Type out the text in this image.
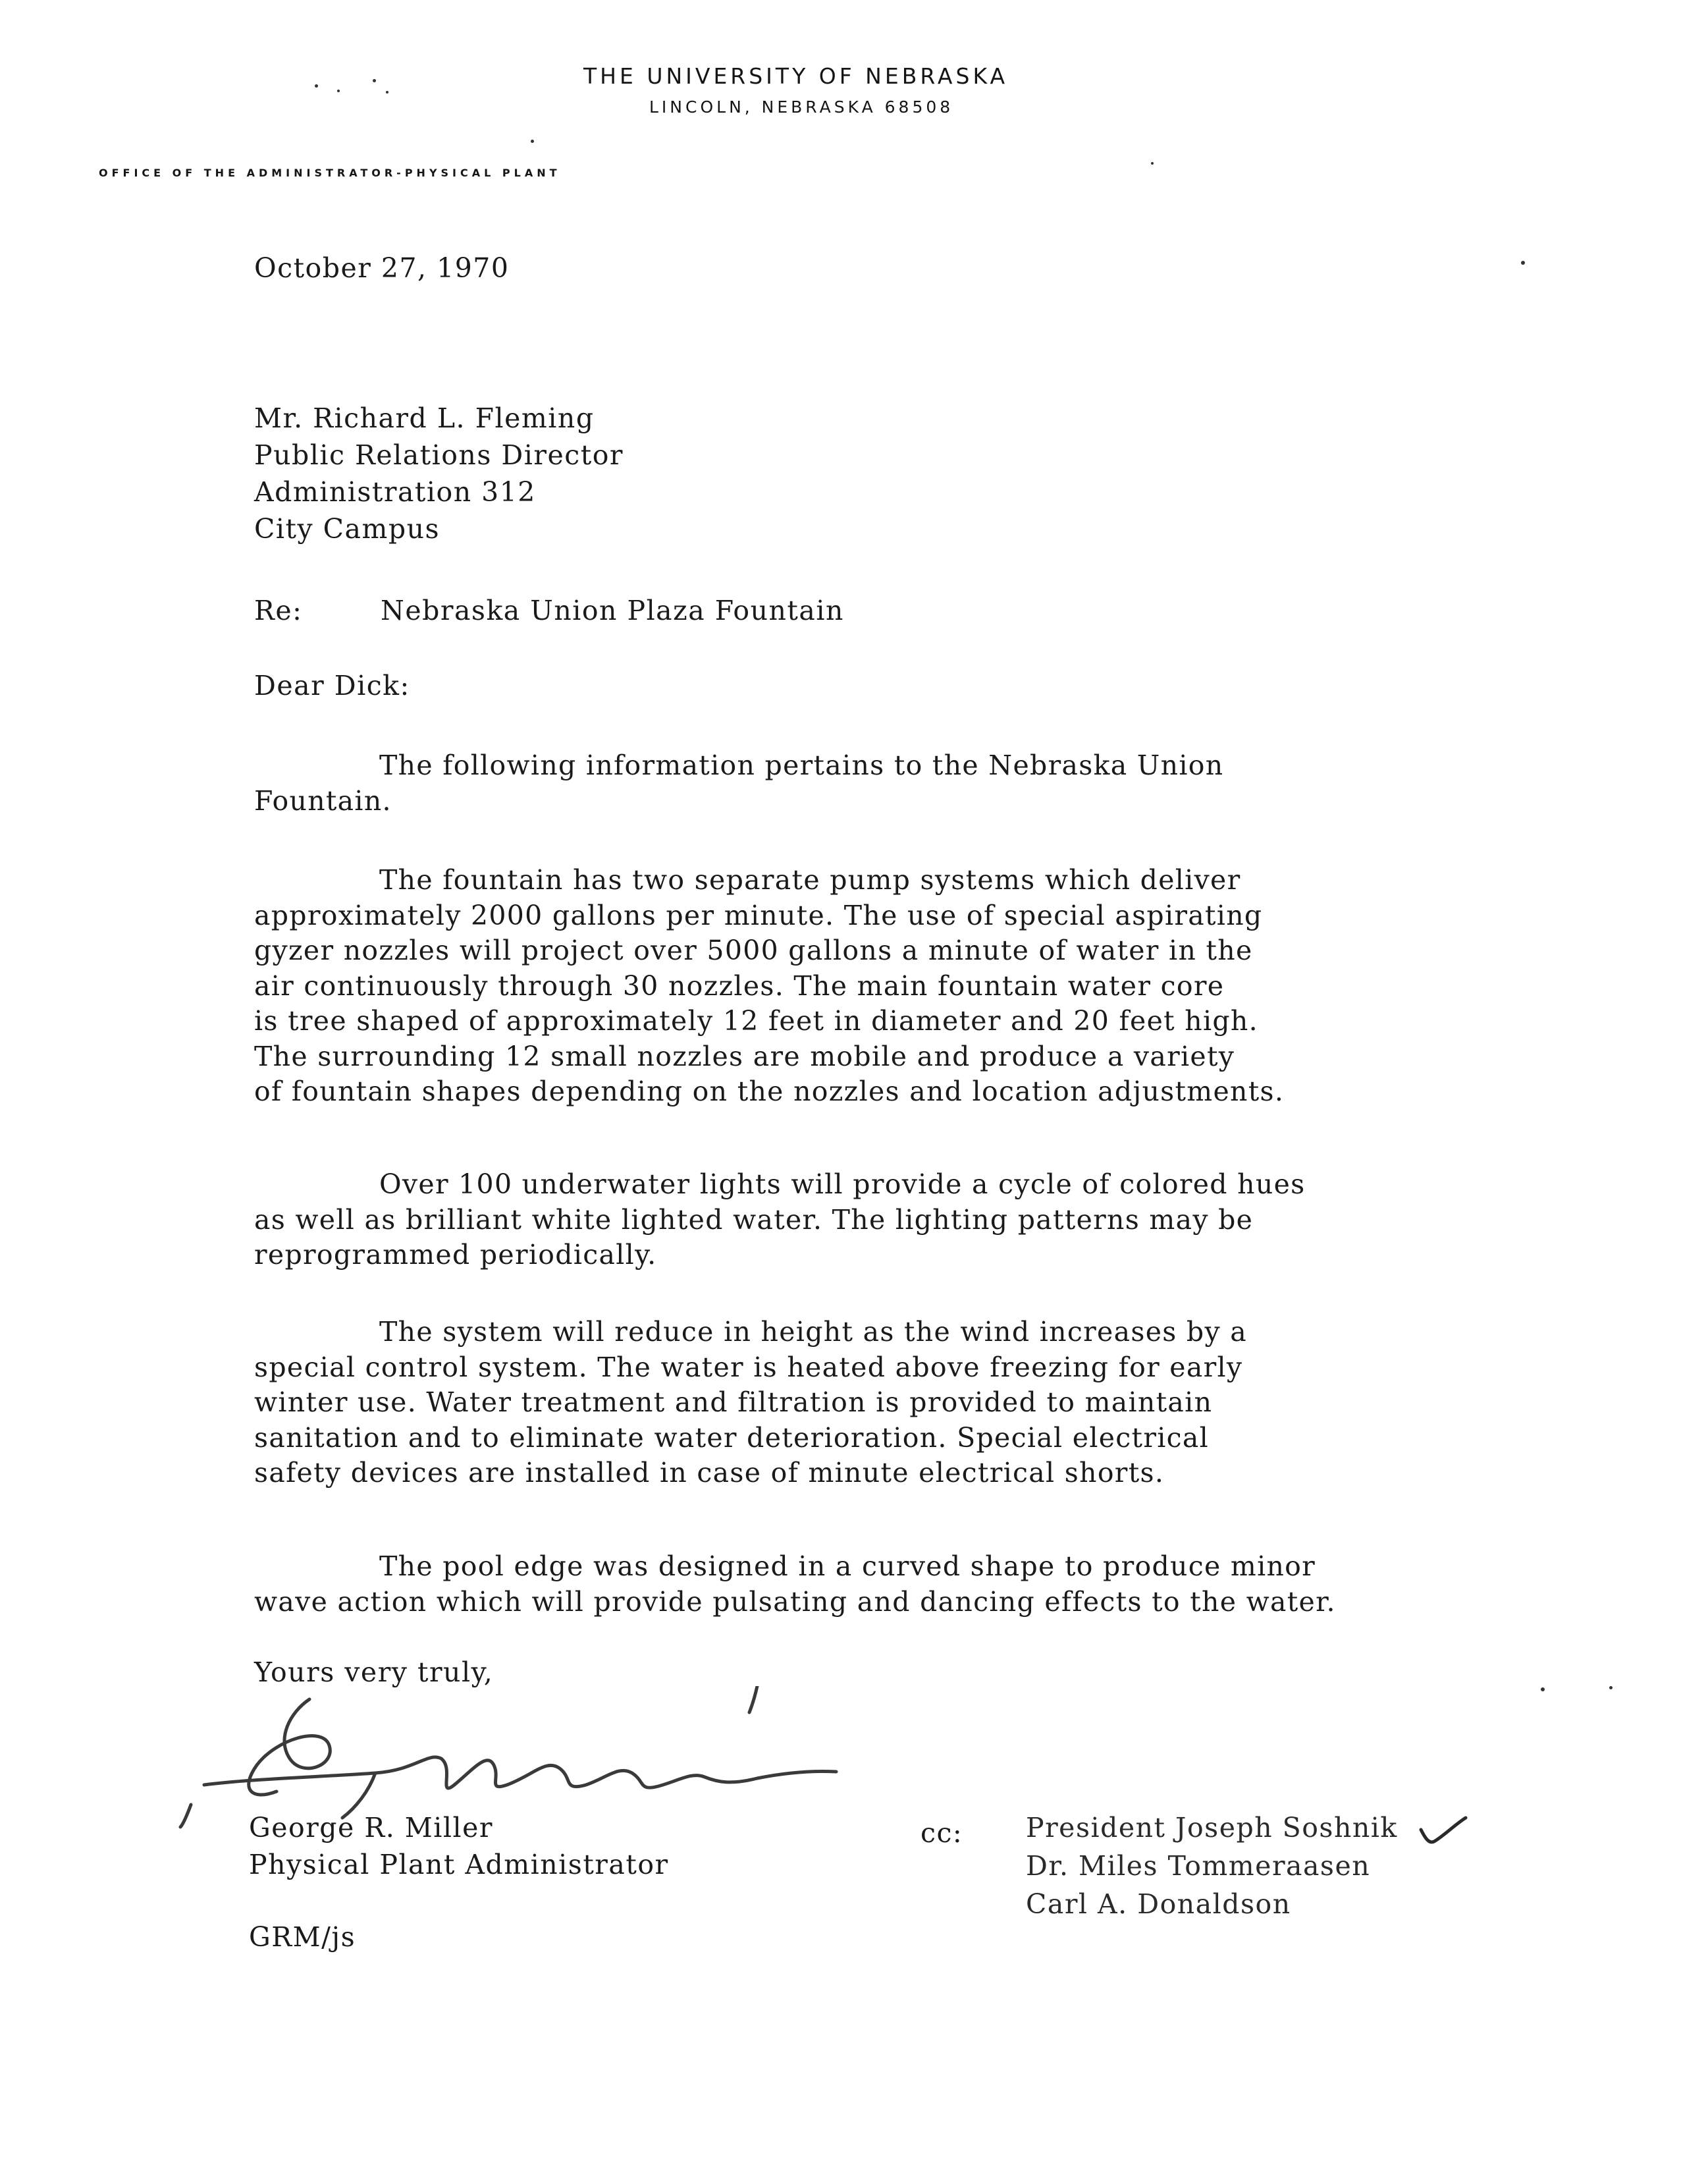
THE UNIVERSITY OF NEBRASKA
LINCOLN, NEBRASKA 68508
OFFICE OF THE ADMINISTRATOR-PHYSICAL PLANT
October 27, 1970
Mr. Richard L. Fleming
Public Relations Director
Administration 312
City Campus
Re:	Nebraska Union Plaza Fountain
Dear Dick:
The following information pertains to the Nebraska Union
Fountain.
The fountain has two separate pump systems which deliver
approximately 2000 gallons per minute. The use of special aspirating
gyzer nozzles will project over 5000 gallons a minute of water in the
air continuously through 30 nozzles. The main fountain water core
is tree shaped of approximately 12 feet in diameter and 20 feet high.
The surrounding 12 small nozzles are mobile and produce a variety
of fountain shapes depending on the nozzles and location adjustments.
Over 100 underwater lights will provide a cycle of colored hues
as well as brilliant white lighted water. The lighting patterns may be
reprogrammed periodically.
The system will reduce in height as the wind increases by a
special control system. The water is heated above freezing for early
winter use. Water treatment and filtration is provided to maintain
sanitation and to eliminate water deterioration. Special electrical
safety devices are installed in case of minute electrical shorts.
The pool edge was designed in a curved shape to produce minor
wave action which will provide pulsating and dancing effects to the water.
Yours very truly,
George R. Miller
Physical Plant Administrator
cc: President Joseph Soshnik
Dr. Miles Tommeraasen
Carl A. Donaldson
GRM/js
